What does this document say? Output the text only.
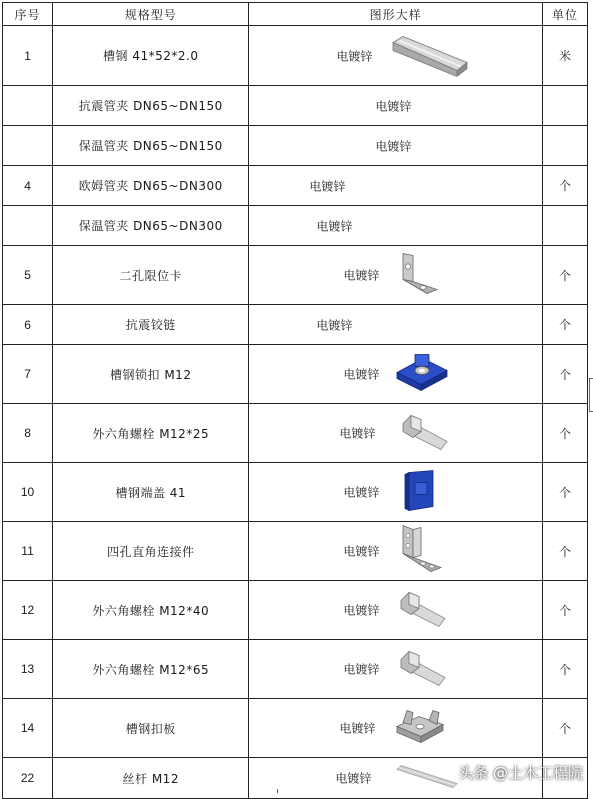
序号	规格型号	图形大样	单位
1	槽钢 41*52*2.0	电镀锌	米
	抗震管夹 DN65~DN150	电镀锌	

	保温管夹 DN65~DN150	电镀锌	

4	欧姆管夹 DN65~DN300	电镀锌	个
	保温管夹 DN65~DN300	电镀锌	

5	二孔限位卡	电镀锌	个
6	抗震铰链	电镀锌	个
7	槽钢锁扣 M12	电镀锌	个
8	外六角螺栓 M12*25	电镀锌	个
10	槽钢端盖 41	电镀锌	个
11	四孔直角连接件	电镀锌	个
12	外六角螺栓 M12*40	电镀锌	个
13	外六角螺栓 M12*65	电镀锌	个
14	槽钢扣板	电镀锌	个
22	丝杆 M12	电镀锌	
		头条 @土木工程院
